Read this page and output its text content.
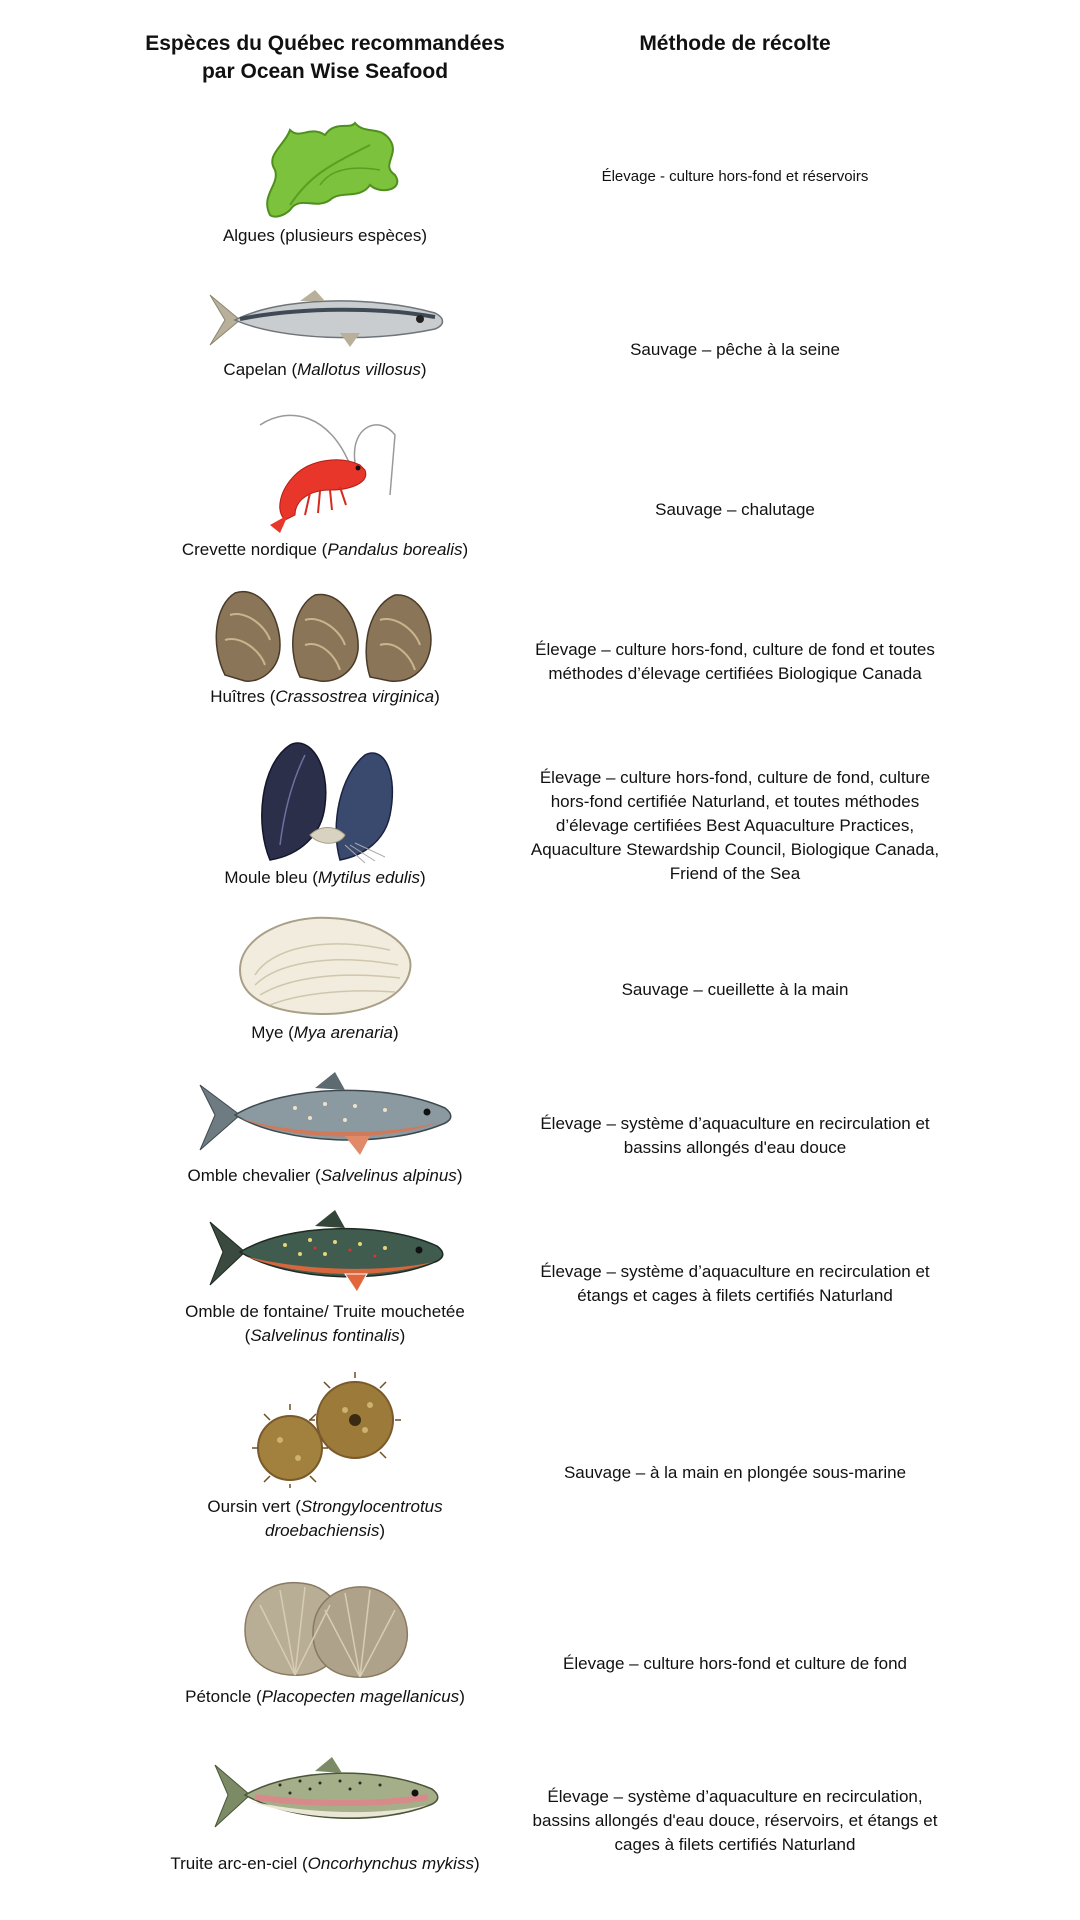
Espèces du Québec recommandées
par Ocean Wise Seafood
Méthode de récolte
Algues (plusieurs espèces)
Élevage - culture hors-fond et réservoirs
Capelan (Mallotus villosus)
Sauvage – pêche à la seine
Crevette nordique (Pandalus borealis)
Sauvage – chalutage
Huîtres (Crassostrea virginica)
Élevage – culture hors-fond, culture de fond et toutes méthodes d’élevage certifiées Biologique Canada
Moule bleu (Mytilus edulis)
Élevage – culture hors-fond, culture de fond, culture hors-fond certifiée Naturland, et toutes méthodes d’élevage certifiées Best Aquaculture Practices, Aquaculture Stewardship Council, Biologique Canada, Friend of the Sea
Mye (Mya arenaria)
Sauvage – cueillette à la main
Omble chevalier (Salvelinus alpinus)
Élevage – système d’aquaculture en recirculation et bassins allongés d'eau douce
Omble de fontaine/ Truite mouchetée (Salvelinus fontinalis)
Élevage – système d’aquaculture en recirculation et étangs et cages à filets certifiés Naturland
Oursin vert (Strongylocentrotus droebachiensis)
Sauvage – à la main en plongée sous-marine
Pétoncle (Placopecten magellanicus)
Élevage – culture hors-fond et culture de fond
Truite arc-en-ciel (Oncorhynchus mykiss)
Élevage – système d’aquaculture en recirculation, bassins allongés d'eau douce, réservoirs, et étangs et cages à filets certifiés Naturland
